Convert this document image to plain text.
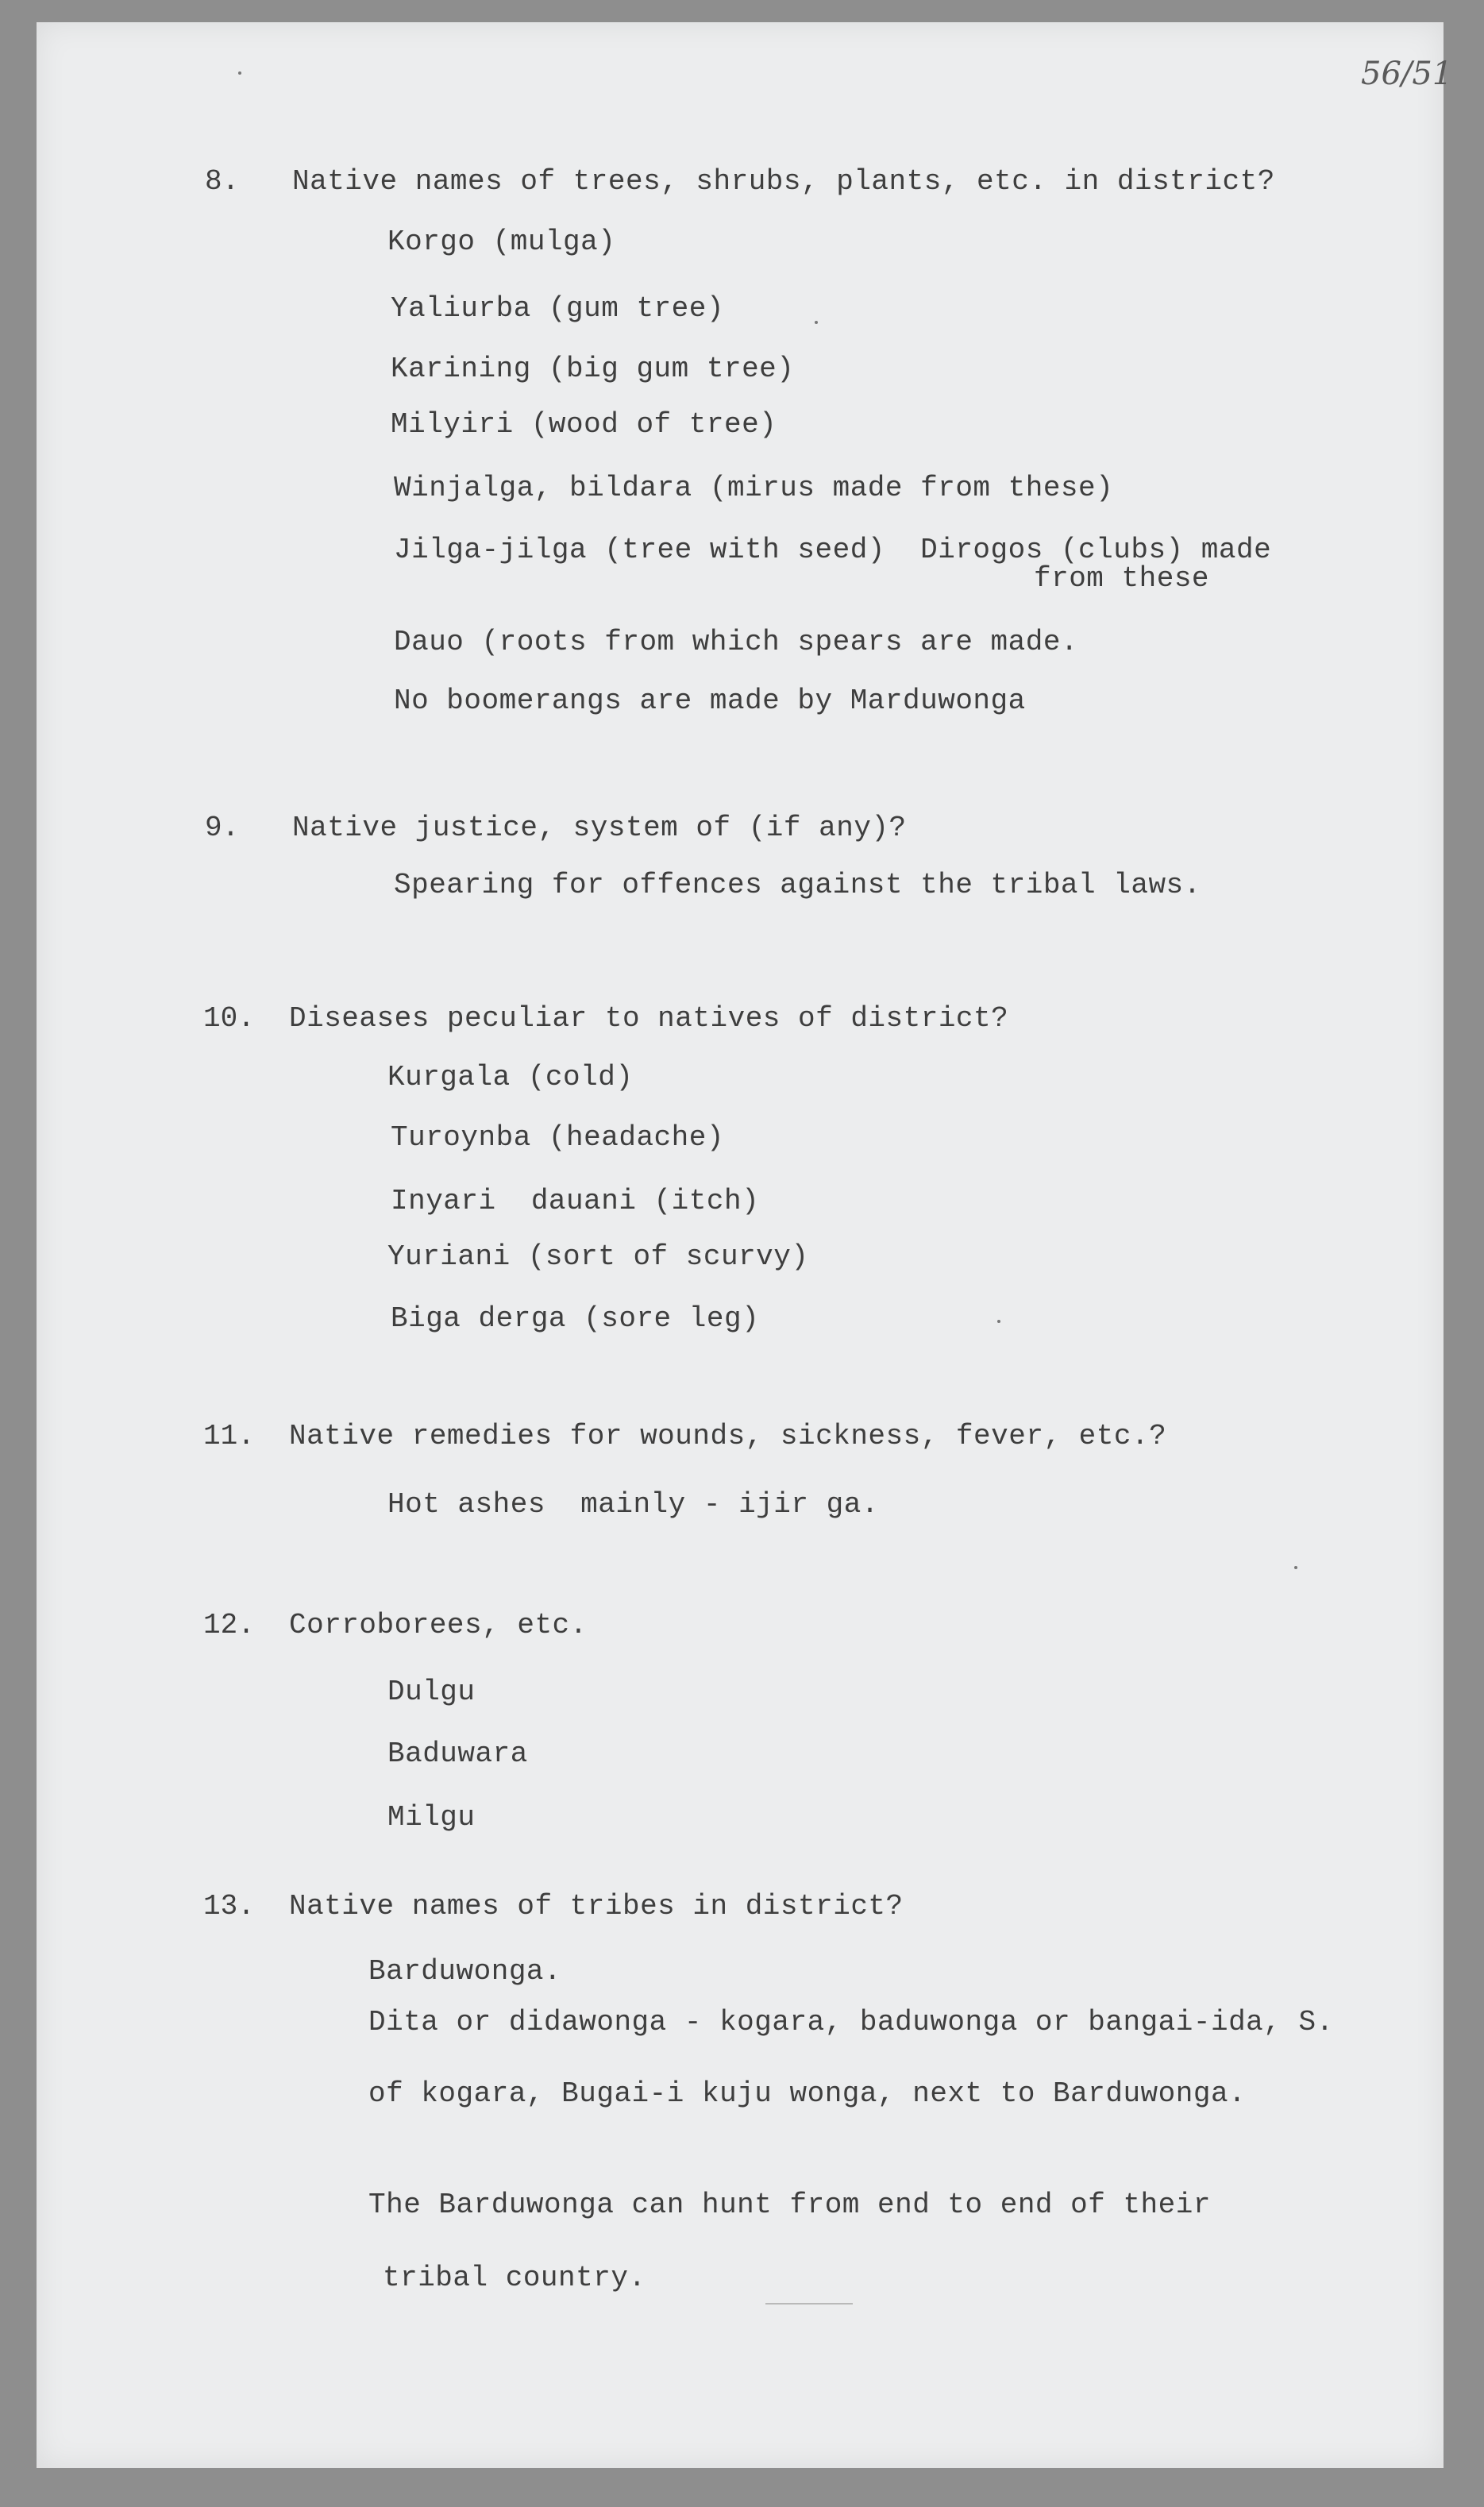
56/51
8. Native names of trees, shrubs, plants, etc. in district?
Korgo (mulga)
Yaliurba (gum tree)
Karining (big gum tree)
Milyiri (wood of tree)
Winjalga, bildara (mirus made from these)
Jilga-jilga (tree with seed)  Dirogos (clubs) made
from these
Dauo (roots from which spears are made.
No boomerangs are made by Marduwonga
9. Native justice, system of (if any)?
Spearing for offences against the tribal laws.
10. Diseases peculiar to natives of district?
Kurgala (cold)
Turoynba (headache)
Inyari  dauani (itch)
Yuriani (sort of scurvy)
Biga derga (sore leg)
11. Native remedies for wounds, sickness, fever, etc.?
Hot ashes  mainly - ijir ga.
12. Corroborees, etc.
Dulgu
Baduwara
Milgu
13. Native names of tribes in district?
Barduwonga.
Dita or didawonga - kogara, baduwonga or bangai-ida, S.
of kogara, Bugai-i kuju wonga, next to Barduwonga.
The Barduwonga can hunt from end to end of their
tribal country.
